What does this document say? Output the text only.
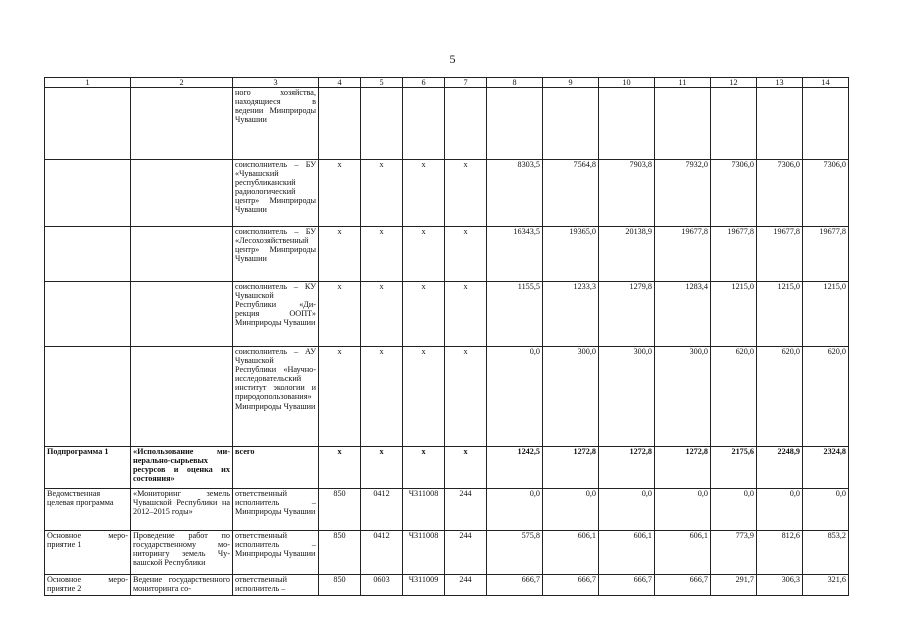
5
1	2	3	4	5	6	7	8	9	10	11	12	13	14
		ного хозяйства, находящиеся в ведении Минприроды Чувашии											
		соисполнитель – БУ «Чувашский республиканский радиологический центр» Минприроды Чувашии	х	х	х	х	8303,5	7564,8	7903,8	7932,0	7306,0	7306,0	7306,0
		соисполнитель – БУ «Лесохозяйственный центр» Минприроды Чувашии	х	х	х	х	16343,5	19365,0	20138,9	19677,8	19677,8	19677,8	19677,8
		соисполнитель – КУ Чувашской Республики «Дирекция ООПТ» Минприроды Чувашии	х	х	х	х	1155,5	1233,3	1279,8	1283,4	1215,0	1215,0	1215,0
		соисполнитель – АУ Чувашской Республики «Научно-исследовательский институт экологии и природопользования» Минприроды Чувашии	х	х	х	х	0,0	300,0	300,0	300,0	620,0	620,0	620,0
Подпрограмма 1	«Использование минерально-сырьевых ресурсов и оценка их состояния»	всего	х	х	х	х	1242,5	1272,8	1272,8	1272,8	2175,6	2248,9	2324,8
Ведомственная целевая программа	«Мониторинг земель Чувашской Республики на 2012–2015 годы»	ответственный исполнитель – Минприроды Чувашии	850	0412	Ч311008	244	0,0	0,0	0,0	0,0	0,0	0,0	0,0
Основное мероприятие 1	Проведение работ по государственному мониторингу земель Чувашской Республики	ответственный исполнитель – Минприроды Чувашии	850	0412	Ч311008	244	575,8	606,1	606,1	606,1	773,9	812,6	853,2
Основное мероприятие 2	Ведение государственного мониторинга со-	ответственный исполнитель –	850	0603	Ч311009	244	666,7	666,7	666,7	666,7	291,7	306,3	321,6
